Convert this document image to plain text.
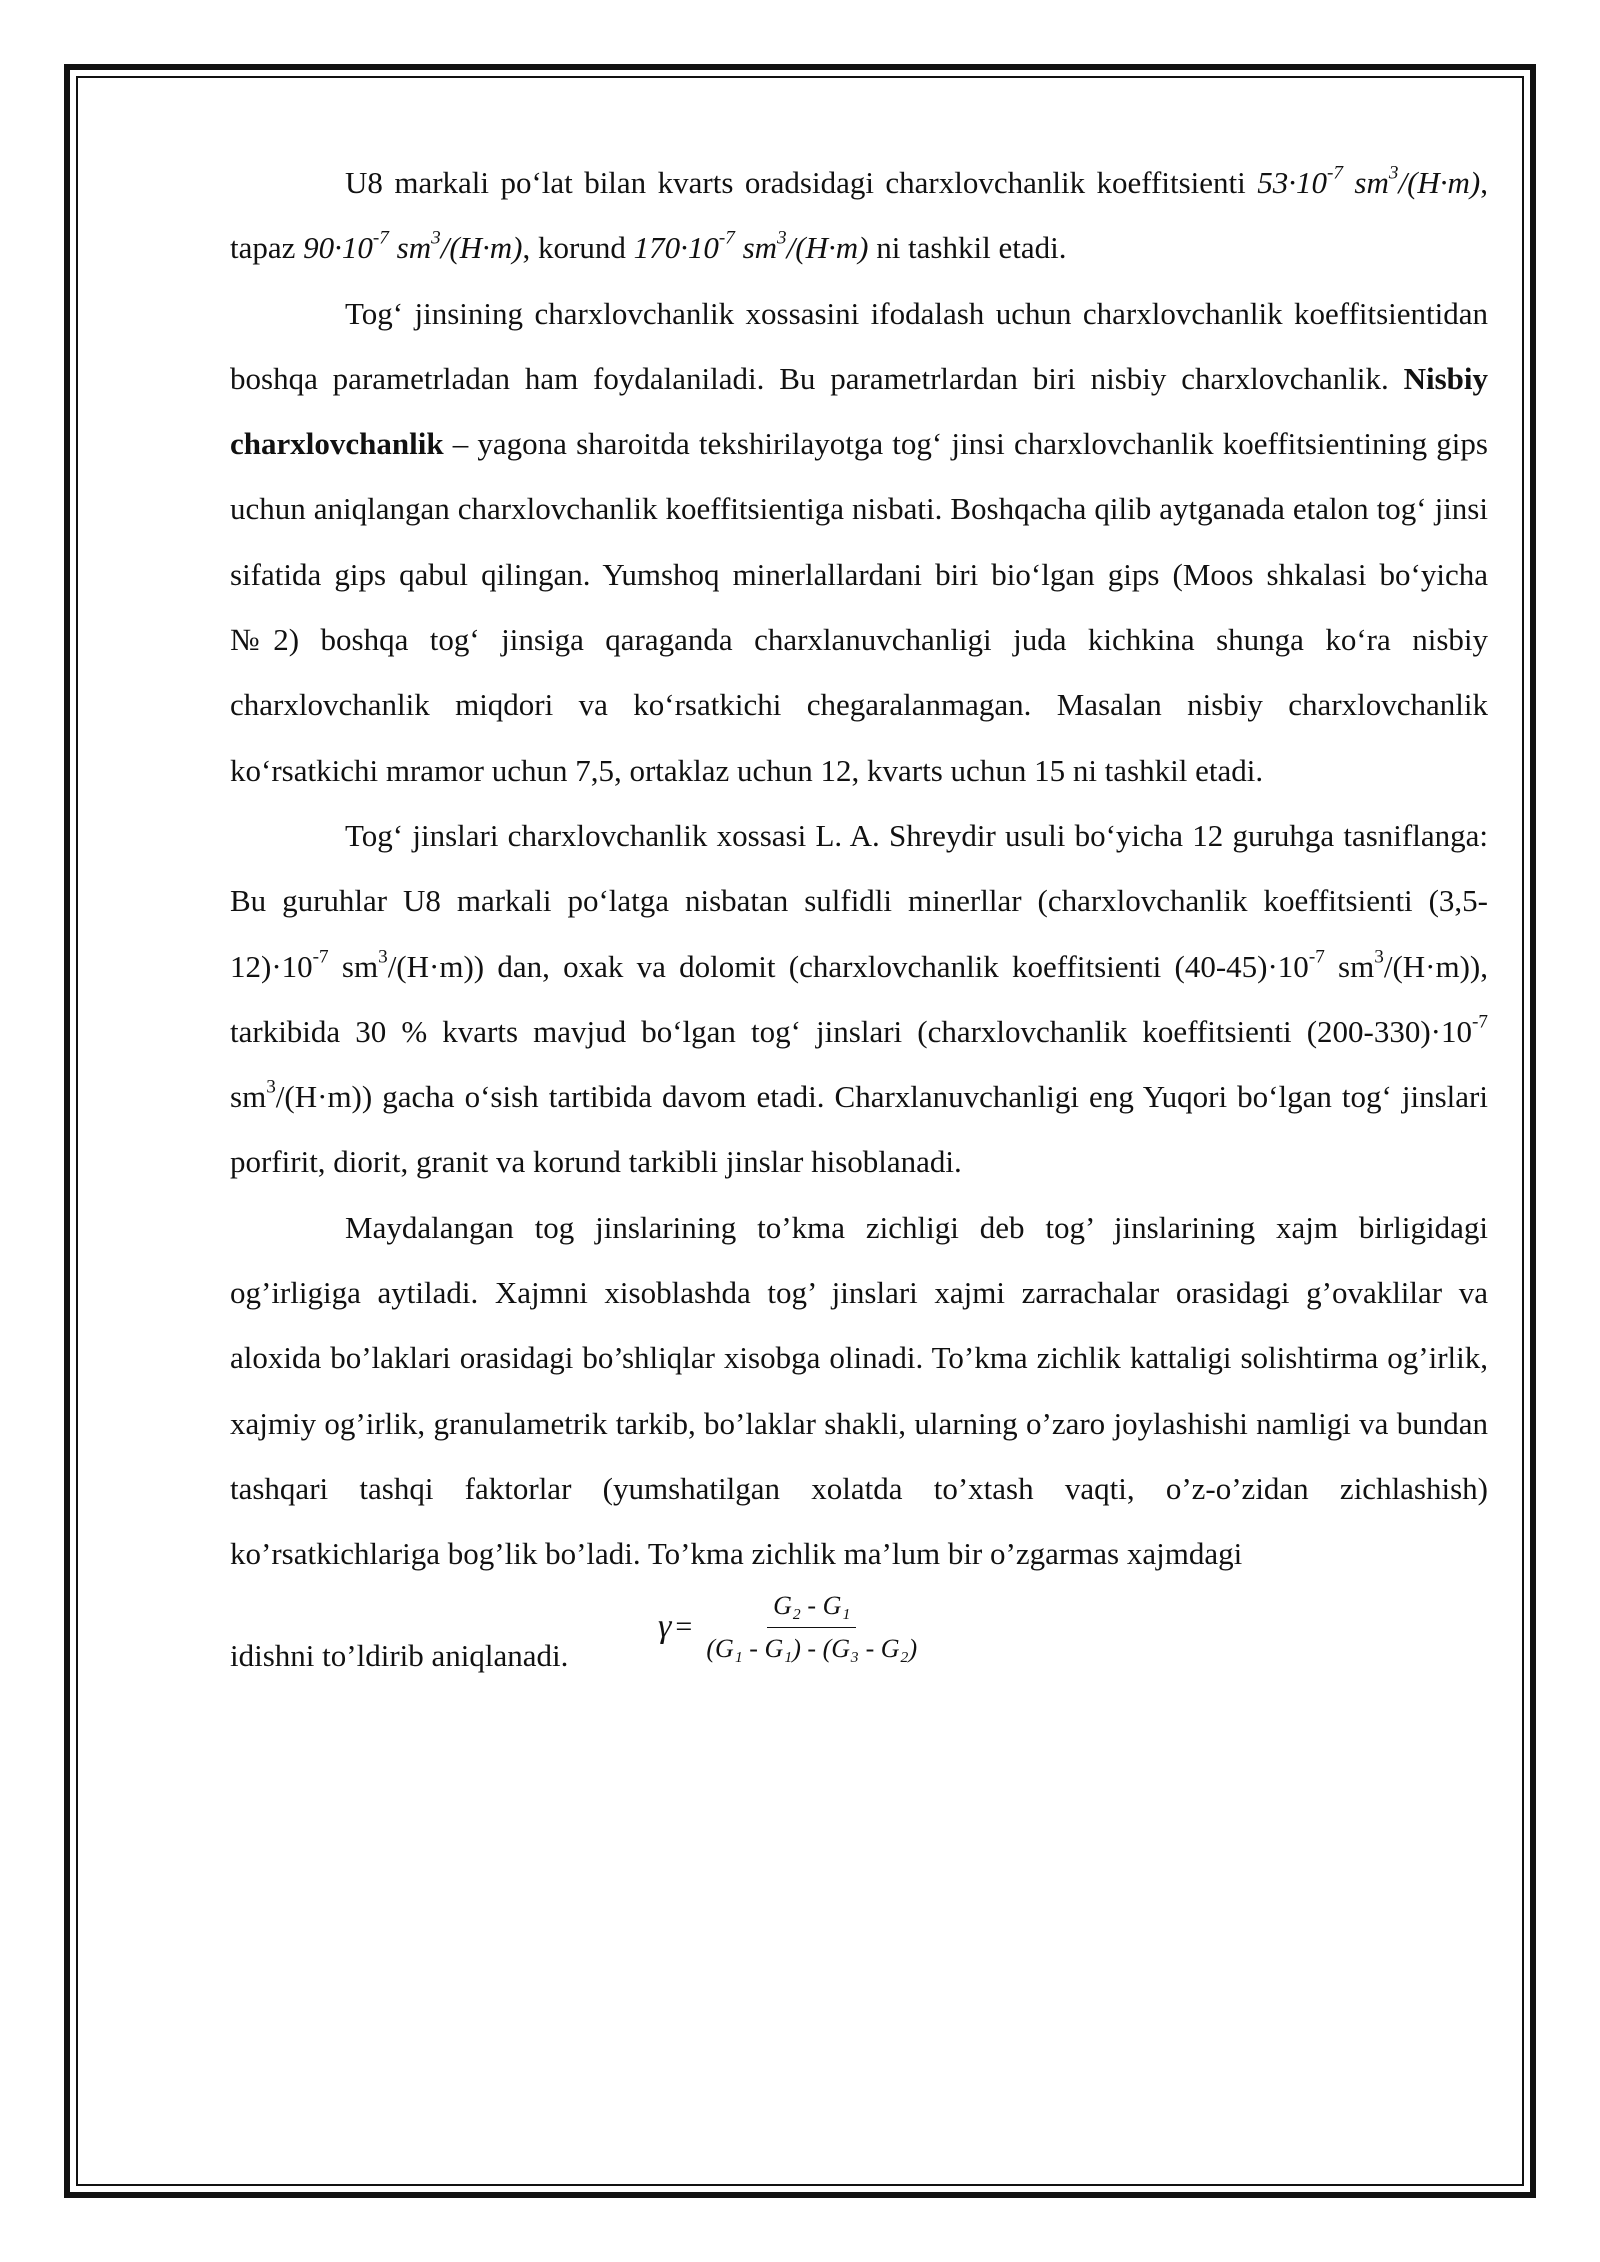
U8 markali po‘lat bilan kvarts oradsidagi charxlovchanlik koeffitsienti $53\cdot 10^{-7}$ $sm^3/(H\cdot m)$, tapaz $90\cdot 10^{-7}$ $sm^3/(H\cdot m)$, korund $170\cdot 10^{-7}$ $sm^3/(H\cdot m)$ ni tashkil etadi.

Tog‘ jinsining charxlovchanlik xossasini ifodalash uchun charxlovchanlik koeffitsientidan boshqa parametrladan ham foydalaniladi. Bu parametrlardan biri nisbiy charxlovchanlik. Nisbiy charxlovchanlik – yagona sharoitda tekshirilayotga tog‘ jinsi charxlovchanlik koeffitsientining gips uchun aniqlangan charxlovchanlik koeffitsientiga nisbati. Boshqacha qilib aytganada etalon tog‘ jinsi sifatida gips qabul qilingan. Yumshoq minerlallardani biri bio‘lgan gips (Moos shkalasi bo‘yicha №2) boshqa tog‘ jinsiga qaraganda charxlanuvchanligi juda kichkina shunga ko‘ra nisbiy charxlovchanlik miqdori va ko‘rsatkichi chegaralanmagan. Masalan nisbiy charxlovchanlik ko‘rsatkichi mramor uchun 7,5, ortaklaz uchun 12, kvarts uchun 15 ni tashkil etadi.

Tog‘ jinslari charxlovchanlik xossasi L. A. Shreydir usuli bo‘yicha 12 guruhga tasniflanga: Bu guruhlar U8 markali po‘latga nisbatan sulfidli minerllar (charxlovchanlik koeffitsienti $(3,5-12)\cdot 10^{-7}$ $sm^3/(H\cdot m)$) dan, oxak va dolomit (charxlovchanlik koeffitsienti $(40-45)\cdot 10^{-7}$ $sm^3/(H\cdot m)$), tarkibida 30 % kvarts mavjud bo‘lgan tog‘ jinslari (charxlovchanlik koeffitsienti $(200-330)\cdot 10^{-7}$ $sm^3/(H\cdot m)$) gacha o‘sish tartibida davom etadi. Charxlanuvchanligi eng Yuqori bo‘lgan tog‘ jinslari porfirit, diorit, granit va korund tarkibli jinslar hisoblanadi.

Maydalangan tog jinslarining to’kma zichligi deb tog’ jinslarining xajm birligidagi og’irligiga aytiladi. Xajmni xisoblashda tog’ jinslari xajmi zarrachalar orasidagi g’ovaklilar va aloxida bo’laklari orasidagi bo’shliqlar xisobga olinadi. To’kma zichlik kattaligi solishtirma og’irlik, xajmiy og’irlik, granulametrik tarkib, bo’laklar shakli, ularning o’zaro joylashishi namligi va bundan tashqari tashqi faktorlar (yumshatilgan xolatda to’xtash vaqti, o’z-o’zidan zichlashish) ko’rsatkichlariga bog’lik bo’ladi. To’kma zichlik ma’lum bir o’zgarmas xajmdagi

idishni to’ldirib aniqlanadi.
$\gamma = \frac{\text{G₂ - G₁}}{\text{(G₁ - G₁) - (G₃ - G₂)}}$
